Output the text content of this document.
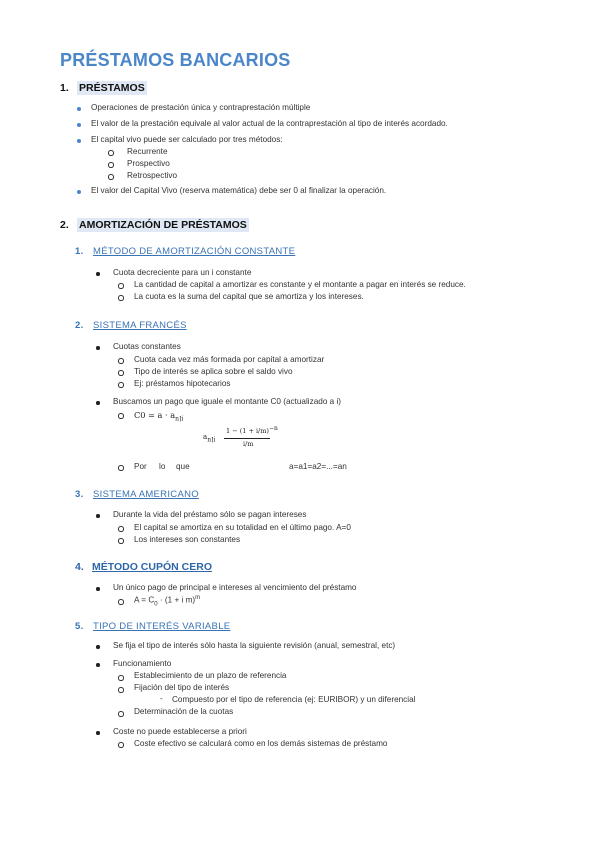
PRÉSTAMOS BANCARIOS
1. PRÉSTAMOS
Operaciones de prestación única y contraprestación múltiple
El valor de la prestación equivale al valor actual de la contraprestación al tipo de interés acordado.
El capital vivo puede ser calculado por tres métodos:
Recurrente
Prospectivo
Retrospectivo
El valor del Capital Vivo (reserva matemática) debe ser 0 al finalizar la operación.
2. AMORTIZACIÓN DE PRÉSTAMOS
1. MÉTODO DE AMORTIZACIÓN CONSTANTE
Cuota decreciente para un i constante
La cantidad de capital a amortizar es constante y el montante a pagar en interés se reduce.
La cuota es la suma del capital que se amortiza y los intereses.
2. SISTEMA FRANCÉS
Cuotas constantes
Cuota cada vez más formada por capital a amortizar
Tipo de interés se aplica sobre el saldo vivo
Ej: préstamos hipotecarios
Buscamos un pago que iguale el montante C0 (actualizado a i)
$C0 = a \cdot a_{n⌉i}$
$a_{n⌉i}$
$1 - (1 + i/m)^{-n}$
i/m
Por lo que	a=a1=a2=...=an
3. SISTEMA AMERICANO
Durante la vida del préstamo sólo se pagan intereses
El capital se amortiza en su totalidad en el último pago. A=0
Los intereses son constantes
4. MÉTODO CUPÓN CERO
Un único pago de principal e intereses al vencimiento del préstamo
$A = C_0 \cdot (1 + i$ m)$^m$
5. TIPO DE INTERÉS VARIABLE
Se fija el tipo de interés sólo hasta la siguiente revisión (anual, semestral, etc)
Funcionamiento
Establecimiento de un plazo de referencia
Fijación del tipo de interés
- Compuesto por el tipo de referencia (ej: EURIBOR) y un diferencial
Determinación de la cuotas
Coste no puede establecerse a priori
Coste efectivo se calculará como en los demás sistemas de préstamo
